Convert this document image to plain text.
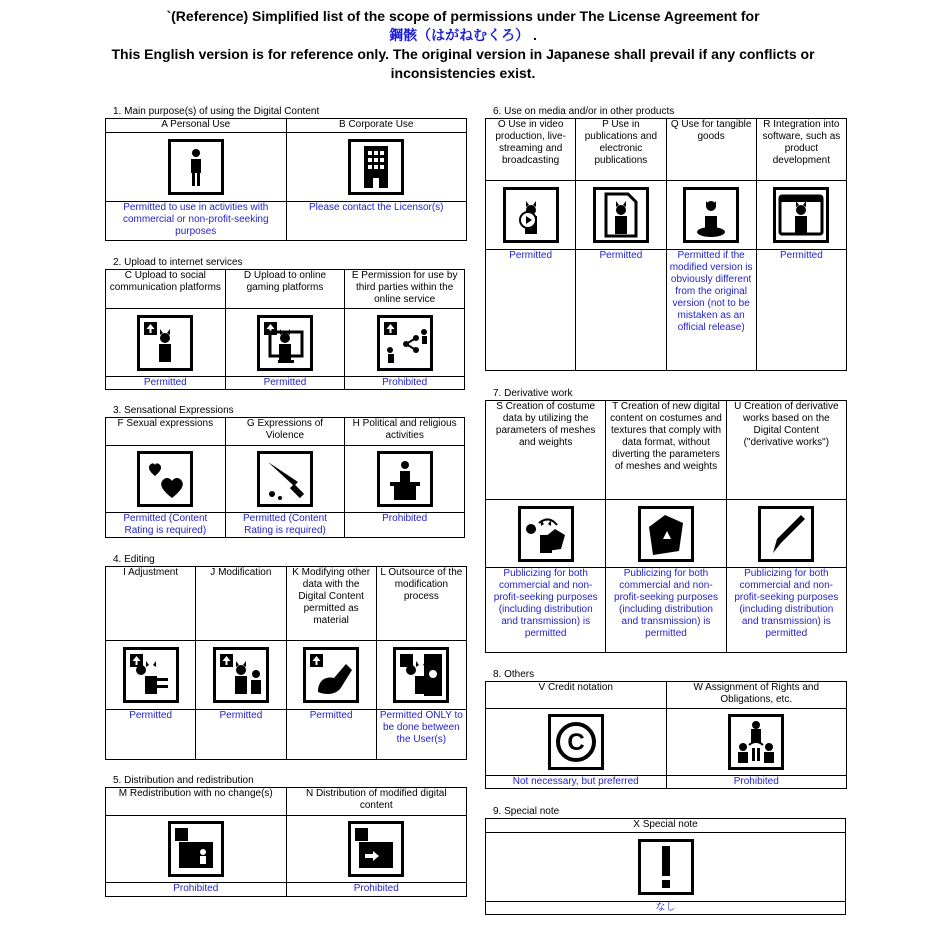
`(Reference) Simplified list of the scope of permissions under The License Agreement for
鋼骸（はがねむくろ） .
This English version is for reference only. The original version in Japanese shall prevail if any conflicts or inconsistencies exist.
1. Main purpose(s) of using the Digital Content
A Personal Use	B Corporate Use

Permitted to use in activities with commercial or non-profit-seeking purposes	Please contact the Licensor(s)
2. Upload to internet services
C Upload to social communication platforms	D Upload to online gaming platforms	E Permission for use by third parties within the online service

Permitted	Permitted	Prohibited
3. Sensational Expressions
F Sexual expressions	G Expressions of Violence	H Political and religious activities

Permitted (Content Rating is required)	Permitted (Content Rating is required)	Prohibited
4. Editing
I Adjustment	J Modification	K Modifying other data with the Digital Content permitted as material	L Outsource of the modification process

Permitted	Permitted	Permitted	Permitted ONLY to be done between the User(s)
5. Distribution and redistribution
M Redistribution with no change(s)	N Distribution of modified digital content

Prohibited	Prohibited
6. Use on media and/or in other products
O Use in video production, live-streaming and broadcasting	P Use in publications and electronic publications	Q Use for tangible goods	R Integration into software, such as product development

Permitted	Permitted	Permitted if the modified version is obviously different from the original version (not to be mistaken as an official release)	Permitted
7. Derivative work
S Creation of costume data by utilizing the parameters of meshes and weights	T Creation of new digital content on costumes and textures that comply with data format, without diverting the parameters of meshes and weights	U Creation of derivative works based on the Digital Content ("derivative works")

Publicizing for both commercial and non-profit-seeking purposes (including distribution and transmission) is permitted	Publicizing for both commercial and non-profit-seeking purposes (including distribution and transmission) is permitted	Publicizing for both commercial and non-profit-seeking purposes (including distribution and transmission) is permitted
8. Others
V Credit notation	W Assignment of Rights and Obligations, etc.

C

Not necessary, but preferred	Prohibited
9. Special note
X Special note

なし
